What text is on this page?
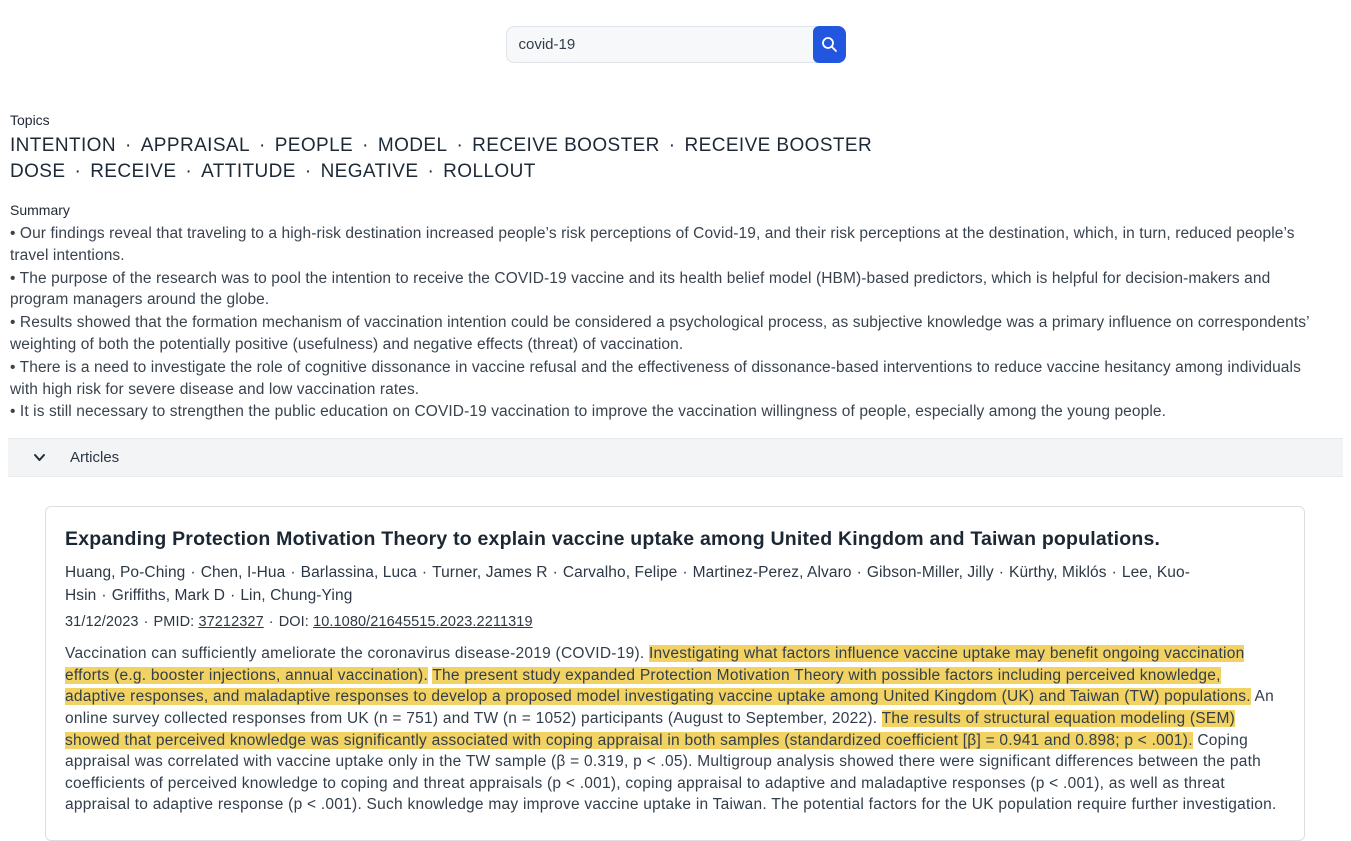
covid-19
Topics
INTENTION · APPRAISAL · PEOPLE · MODEL · RECEIVE BOOSTER · RECEIVE BOOSTER DOSE · RECEIVE · ATTITUDE · NEGATIVE · ROLLOUT
Summary

• Our findings reveal that traveling to a high-risk destination increased people’s risk perceptions of Covid-19, and their risk perceptions at the destination, which, in turn, reduced people’s travel intentions.

• The purpose of the research was to pool the intention to receive the COVID-19 vaccine and its health belief model (HBM)-based predictors, which is helpful for decision-makers and program managers around the globe.

• Results showed that the formation mechanism of vaccination intention could be considered a psychological process, as subjective knowledge was a primary influence on correspondents’ weighting of both the potentially positive (usefulness) and negative effects (threat) of vaccination.

• There is a need to investigate the role of cognitive dissonance in vaccine refusal and the effectiveness of dissonance-based interventions to reduce vaccine hesitancy among individuals with high risk for severe disease and low vaccination rates.

• It is still necessary to strengthen the public education on COVID-19 vaccination to improve the vaccination willingness of people, especially among the young people.

Articles
Expanding Protection Motivation Theory to explain vaccine uptake among United Kingdom and Taiwan populations.
Huang, Po-Ching · Chen, I-Hua · Barlassina, Luca · Turner, James R · Carvalho, Felipe · Martinez-Perez, Alvaro · Gibson-Miller, Jilly · Kürthy, Miklós · Lee, Kuo-Hsin · Griffiths, Mark D · Lin, Chung-Ying
31/12/2023 · PMID: 37212327 · DOI: 10.1080/21645515.2023.2211319

Vaccination can sufficiently ameliorate the coronavirus disease-2019 (COVID-19). Investigating what factors influence vaccine uptake may benefit ongoing vaccination efforts (e.g. booster injections, annual vaccination). The present study expanded Protection Motivation Theory with possible factors including perceived knowledge, adaptive responses, and maladaptive responses to develop a proposed model investigating vaccine uptake among United Kingdom (UK) and Taiwan (TW) populations. An online survey collected responses from UK (n = 751) and TW (n = 1052) participants (August to September, 2022). The results of structural equation modeling (SEM) showed that perceived knowledge was significantly associated with coping appraisal in both samples (standardized coefficient [β] = 0.941 and 0.898; p < .001). Coping appraisal was correlated with vaccine uptake only in the TW sample (β = 0.319, p < .05). Multigroup analysis showed there were significant differences between the path coefficients of perceived knowledge to coping and threat appraisals (p < .001), coping appraisal to adaptive and maladaptive responses (p < .001), as well as threat appraisal to adaptive response (p < .001). Such knowledge may improve vaccine uptake in Taiwan. The potential factors for the UK population require further investigation.
